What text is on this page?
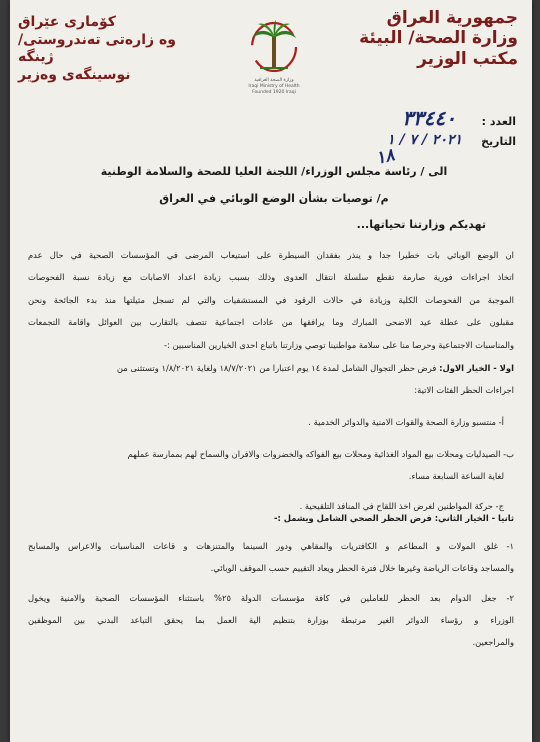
جمهورية العراق
وزارة الصحة/ البيئة
مكتب الوزير
کۆماری عێراق
وه زارەتی تەندروستی/ ژینگە
نوسینگەی وەزیر	وزارة الصحة العراقية
Iraqi Ministry of Health
Founded 1920 Iraqi
العدد :
٣٣٤٤٠
التاريخ
٢٠٢١ / ٧ / ١
١٨
الى / رئاسة مجلس الوزراء/ اللجنة العليا للصحة والسلامة الوطنية
م/ توصيات بشأن الوضع الوبائي في العراق
تهديكم وزارتنا تحياتها...
ان الوضع الوبائي بات خطيرا جدا و ينذر بفقدان السيطرة على استيعاب المرضى في المؤسسات الصحية في حال عدم
اتخاذ اجراءات فورية صارمة تقطع سلسلة انتقال العدوى وذلك بسبب زيادة اعداد الاصابات مع زيادة نسبة الفحوصات
الموجبة من الفحوصات الكلية وزيادة في حالات الرقود في المستشفيات والتي لم تسجل مثيلتها منذ بدء الجائحة ونحن
مقبلون على عطلة عيد الاضحى المبارك وما يرافقها من عادات اجتماعية تتصف بالتقارب بين العوائل واقامة التجمعات
والمناسبات الاجتماعية وحرصا منا على سلامة مواطنينا توصي وزارتنا باتباع احدى الخيارين المناسبين :-
اولا - الخيار الاول: فرض حظر التجوال الشامل لمدة ١٤ يوم اعتبارا من ١٨/٧/٢٠٢١ ولغاية ١/٨/٢٠٢١ وتستثنى من
اجراءات الحظر الفئات الاتية:
أ- منتسبو وزارة الصحة والقوات الامنية والدوائر الخدمية .
ب- الصيدليات ومحلات بيع المواد الغذائية ومحلات بيع الفواكه والخضروات والافران والسماح لهم بممارسة عملهم
لغاية الساعة السابعة مساء.
ج- حركة المواطنين لغرض اخذ اللقاح في المنافذ التلقيحية .
ثانيا - الخيار الثاني: فرض الحظر الصحي الشامل ويشمل :-
١- غلق المولات و المطاعم و الكافتريات والمقاهي ودور السينما والمتنزهات و قاعات المناسبات والاعراس والمسابح
والمساجد وقاعات الرياضة وغيرها خلال فترة الحظر ويعاد التقييم حسب الموقف الوبائي.
٢- جعل الدوام بعد الحظر للعاملين في كافة مؤسسات الدولة ٢٥% باستثناء المؤسسات الصحية والامنية ويخول
الوزراء و رؤساء الدوائر الغير مرتبطة بوزارة بتنظيم الية العمل بما يحقق التباعد البدني بين الموظفين
والمراجعين.
